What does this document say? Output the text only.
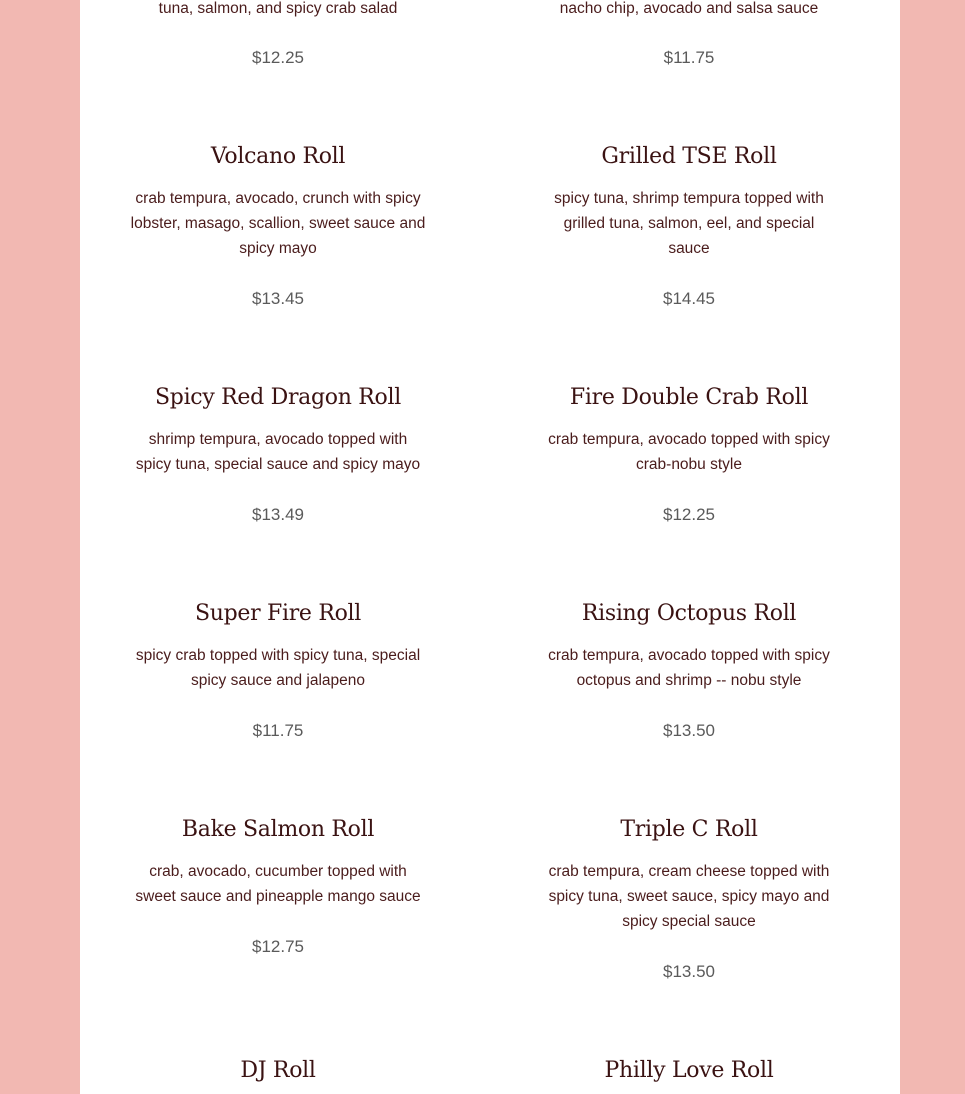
tuna, salmon, and spicy crab salad
$12.25
nacho chip, avocado and salsa sauce
$11.75
Volcano Roll
crab tempura, avocado, crunch with spicy lobster, masago, scallion, sweet sauce and spicy mayo
$13.45
Grilled TSE Roll
spicy tuna, shrimp tempura topped with grilled tuna, salmon, eel, and special sauce
$14.45
Spicy Red Dragon Roll
shrimp tempura, avocado topped with spicy tuna, special sauce and spicy mayo
$13.49
Fire Double Crab Roll
crab tempura, avocado topped with spicy crab-nobu style
$12.25
Super Fire Roll
spicy crab topped with spicy tuna, special spicy sauce and jalapeno
$11.75
Rising Octopus Roll
crab tempura, avocado topped with spicy octopus and shrimp -- nobu style
$13.50
Bake Salmon Roll
crab, avocado, cucumber topped with sweet sauce and pineapple mango sauce
$12.75
Triple C Roll
crab tempura, cream cheese topped with spicy tuna, sweet sauce, spicy mayo and spicy special sauce
$13.50
DJ Roll	Philly Love Roll
